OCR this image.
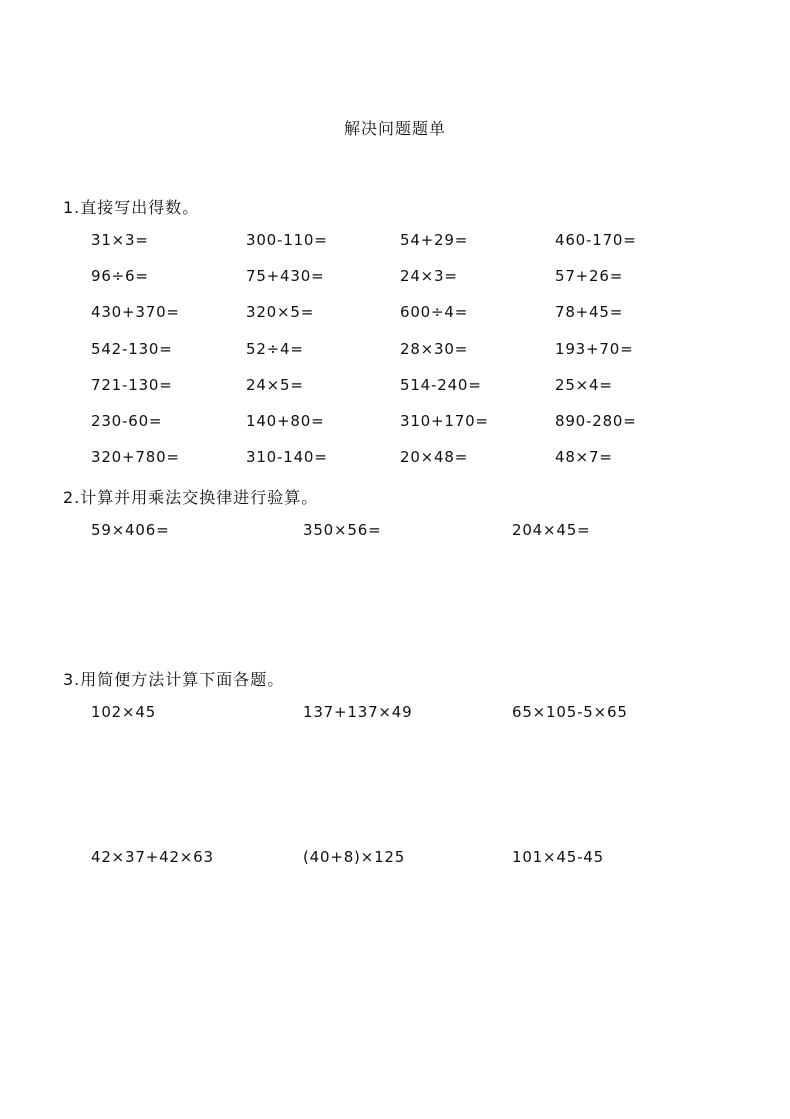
解决问题题单
1.直接写出得数。
31×3=	300-110=	54+29=	460-170=
96÷6=	75+430=	24×3=	57+26=
430+370=	320×5=	600÷4=	78+45=
542-130=	52÷4=	28×30=	193+70=
721-130=	24×5=	514-240=	25×4=
230-60=	140+80=	310+170=	890-280=
320+780=	310-140=	20×48=	48×7=
2.计算并用乘法交换律进行验算。
59×406=	350×56=	204×45=
3.用简便方法计算下面各题。
102×45	137+137×49	65×105-5×65
42×37+42×63	(40+8)×125	101×45-45
